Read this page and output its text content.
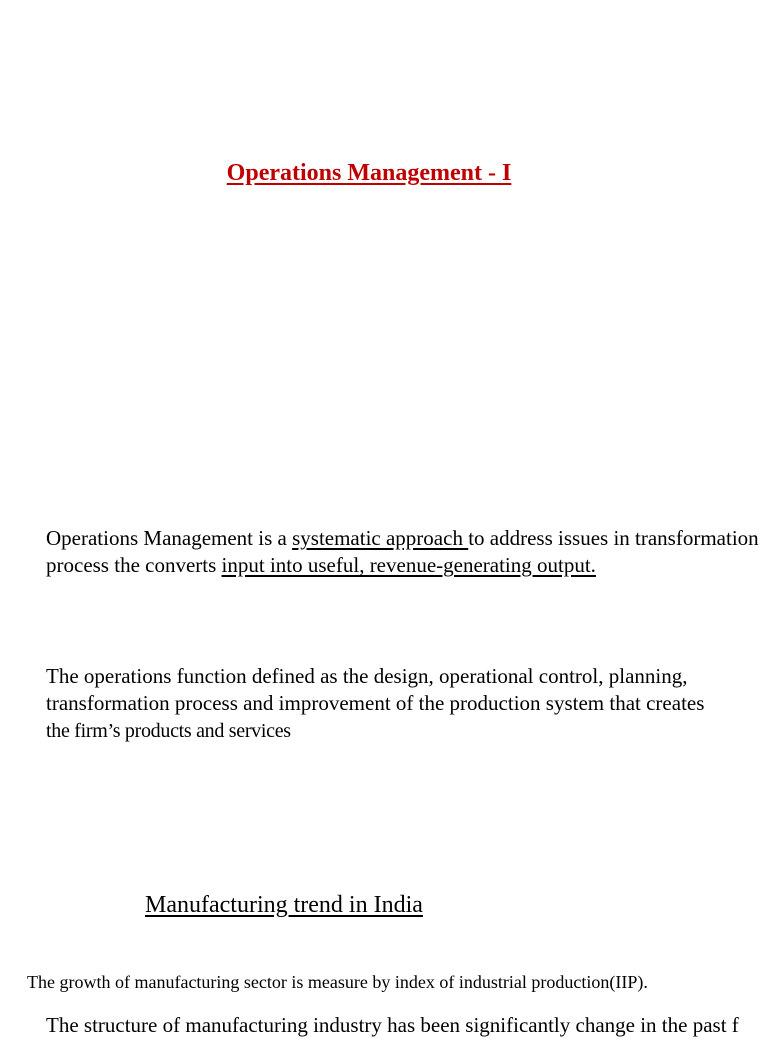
Operations Management - I

Operations Management is a systematic approach to address issues in transformation process the converts input into useful, revenue-generating output.

The operations function defined as the design, operational control, planning, transformation process and improvement of the production system that creates
the firm’s products and services

Manufacturing trend in India

The growth of manufacturing sector is measure by index of industrial production(IIP).

The structure of manufacturing industry has been significantly change in the past f
